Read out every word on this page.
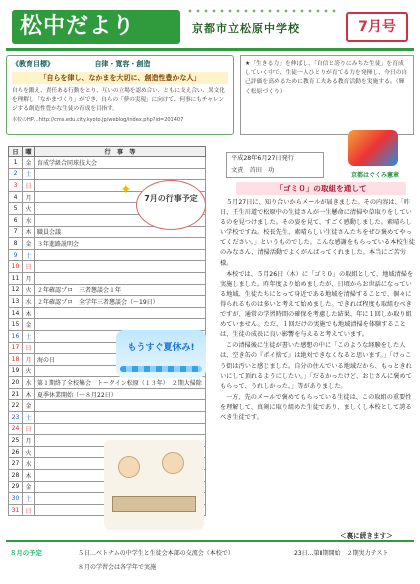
松中だより	京都市立松原中学校	7月号
《教育目標》	自律・寛容・創造
「自らを律し、なかまを大切に、創造性豊かな人」
自らを鍛え、責任ある行動をとり、互いの立場を認め合い、ともに支え合い、異文化を理解し「なかまづくり」ができ、自らの「夢の実現」に向けて、何事にもチャレンジする創造性豊かな生徒の育成を目指す。
本校のHP…http://cms.edu.city.kyoto.jp/weblog/index.php?id=201407
★「生きる力」を伸ばし、「自信と誇りにみちた生徒」を育成していく中で、生徒一人ひとりが育てる力を発揮し、今日の自己評価を高めるために教育工夫ある教育活動を実施する。（輝く松原づくり）
日	曜	行　事　等
1	金	育成学級合同球技大会
2	土	
3	日	
4	月	
5	火	
6	水	
7	木	職員会議
8	金	３年進路説明会
9	土	
10	日	
11	月	
12	火	２年確認プロ　三者懇談会１年
13	水	２年確認プロ　全学年三者懇談会（～19日）
14	木	
15	金	
16	土	
17	日	
18	月	海の日
19	火	
20	水	第１期終了全校集会　トークイン松原（１３年）　２期大掃除
21	木	夏季休業開始（～８月22日）
22	金	
23	土	
24	日	
25	月	
26	火	
27	水	
28	木	
29	金	
30	土	
31	日	
✦
7月の行事予定
もうすぐ夏休み!
平成28年6月27日発行
文責　首田　功
京都はぐくみ憲章
「ゴミ０」の取組を通して

５月27日に、知り合いからメールが届きました。その内容は、「昨日、壬生川道で松原中の生徒さんが一生懸命に清掃や草取りをしているのを見つけました。その姿を見て、すごく感動しました。素晴らしい学校ですね。校長先生、素晴らしい生徒さんたちをぜひ褒めてやってください。」というものでした。こんな感謝をもらっている本校生徒のみなさん、清掃活動でよくがんばってくれました。本当にご苦労様。

本校では、５月26日（木）に「ゴミ０」の取組として、地域清掃を実施しました。昨年度より始めましたが、日頃からお世話になっている地域、生徒たちにとって身近である地域を清掃することで、個々に得られるものは多いと考えて始めました。できれば程度も取組むべきですが、通常の学習時間の確保を考慮した結果、年に１回しか取り組めていません。ただ、１回だけの実施でも地域清掃を体験することは、生徒の成長に良い影響を与えると考えています。

この清掃後に生徒が書いた感想の中に「このような経験をした人は、空き缶の『ポイ捨て』は絶対できなくなると思います。」「けっこう街は汚いと感じました。自分の住んでいる地域だから、もっときれいにして頂れるようにしたい。」「だるかったけど、おじさんに褒めてもらって、うれしかった。」等がありました。

一方、先のメールで褒めてもらっている生徒は、この取組の重要性を理解して、真剣に取り組めた生徒であり、ましくし本校として誇るべき生徒です。

＜裏に続きます＞
８月の予定	５日…ベトナムの中学生と生徒会本部の交流会（本校で）	23日…第Ⅱ期開始　２期実力テスト
８月の学習会は各学年で実施
